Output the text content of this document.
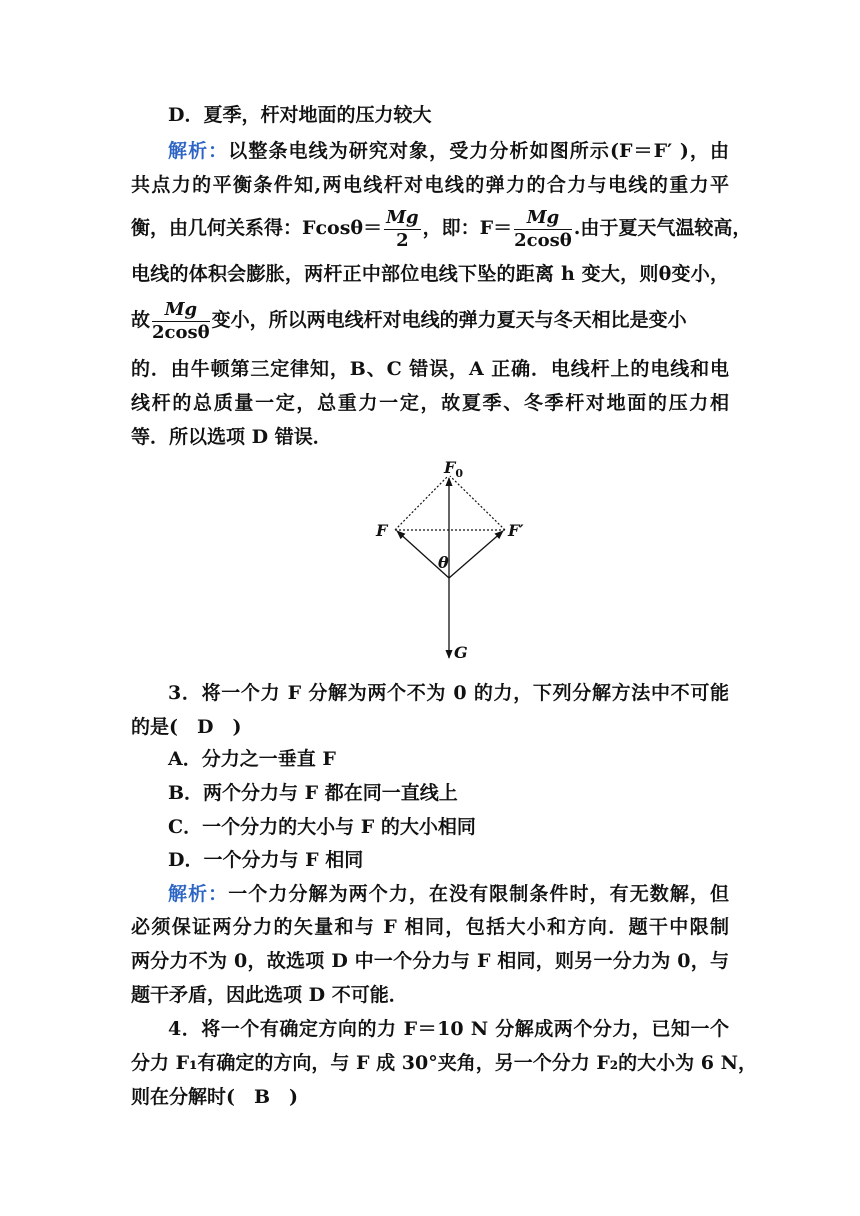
D．夏季，杆对地面的压力较大
解析：以整条电线为研究对象，受力分析如图所示(F＝F′ )，由
共点力的平衡条件知,两电线杆对电线的弹力的合力与电线的重力平
衡，由几何关系得：$Fcos\theta= \frac{Mg}{2}$ ，即：$F= \frac{Mg}{2\cos\theta}$ .由于夏天气温较高，
电线的体积会膨胀，两杆正中部位电线下坠的距离 h 变大，则θ变小，
故 $\frac{Mg}{2\cos\theta}$ 变小，所以两电线杆对电线的弹力夏天与冬天相比是变小
的．由牛顿第三定律知，B、C 错误，A 正确．电线杆上的电线和电
线杆的总质量一定，总重力一定，故夏季、冬季杆对地面的压力相
等．所以选项 D 错误．
$F_0$
F	F′
θ
G
3．将一个力 F 分解为两个不为 0 的力，下列分解方法中不可能
的是(　D　)
A．分力之一垂直 F
B．两个分力与 F 都在同一直线上
C．一个分力的大小与 F 的大小相同
D．一个分力与 F 相同
解析：一个力分解为两个力，在没有限制条件时，有无数解，但
必须保证两分力的矢量和与 F 相同，包括大小和方向．题干中限制
两分力不为 0，故选项 D 中一个分力与 F 相同，则另一分力为 0，与
题干矛盾，因此选项 D 不可能．
4．将一个有确定方向的力 F＝10 N 分解成两个分力，已知一个
分力 F₁有确定的方向，与 F 成 30°夹角，另一个分力 F₂的大小为 6 N，
则在分解时(　B　)
